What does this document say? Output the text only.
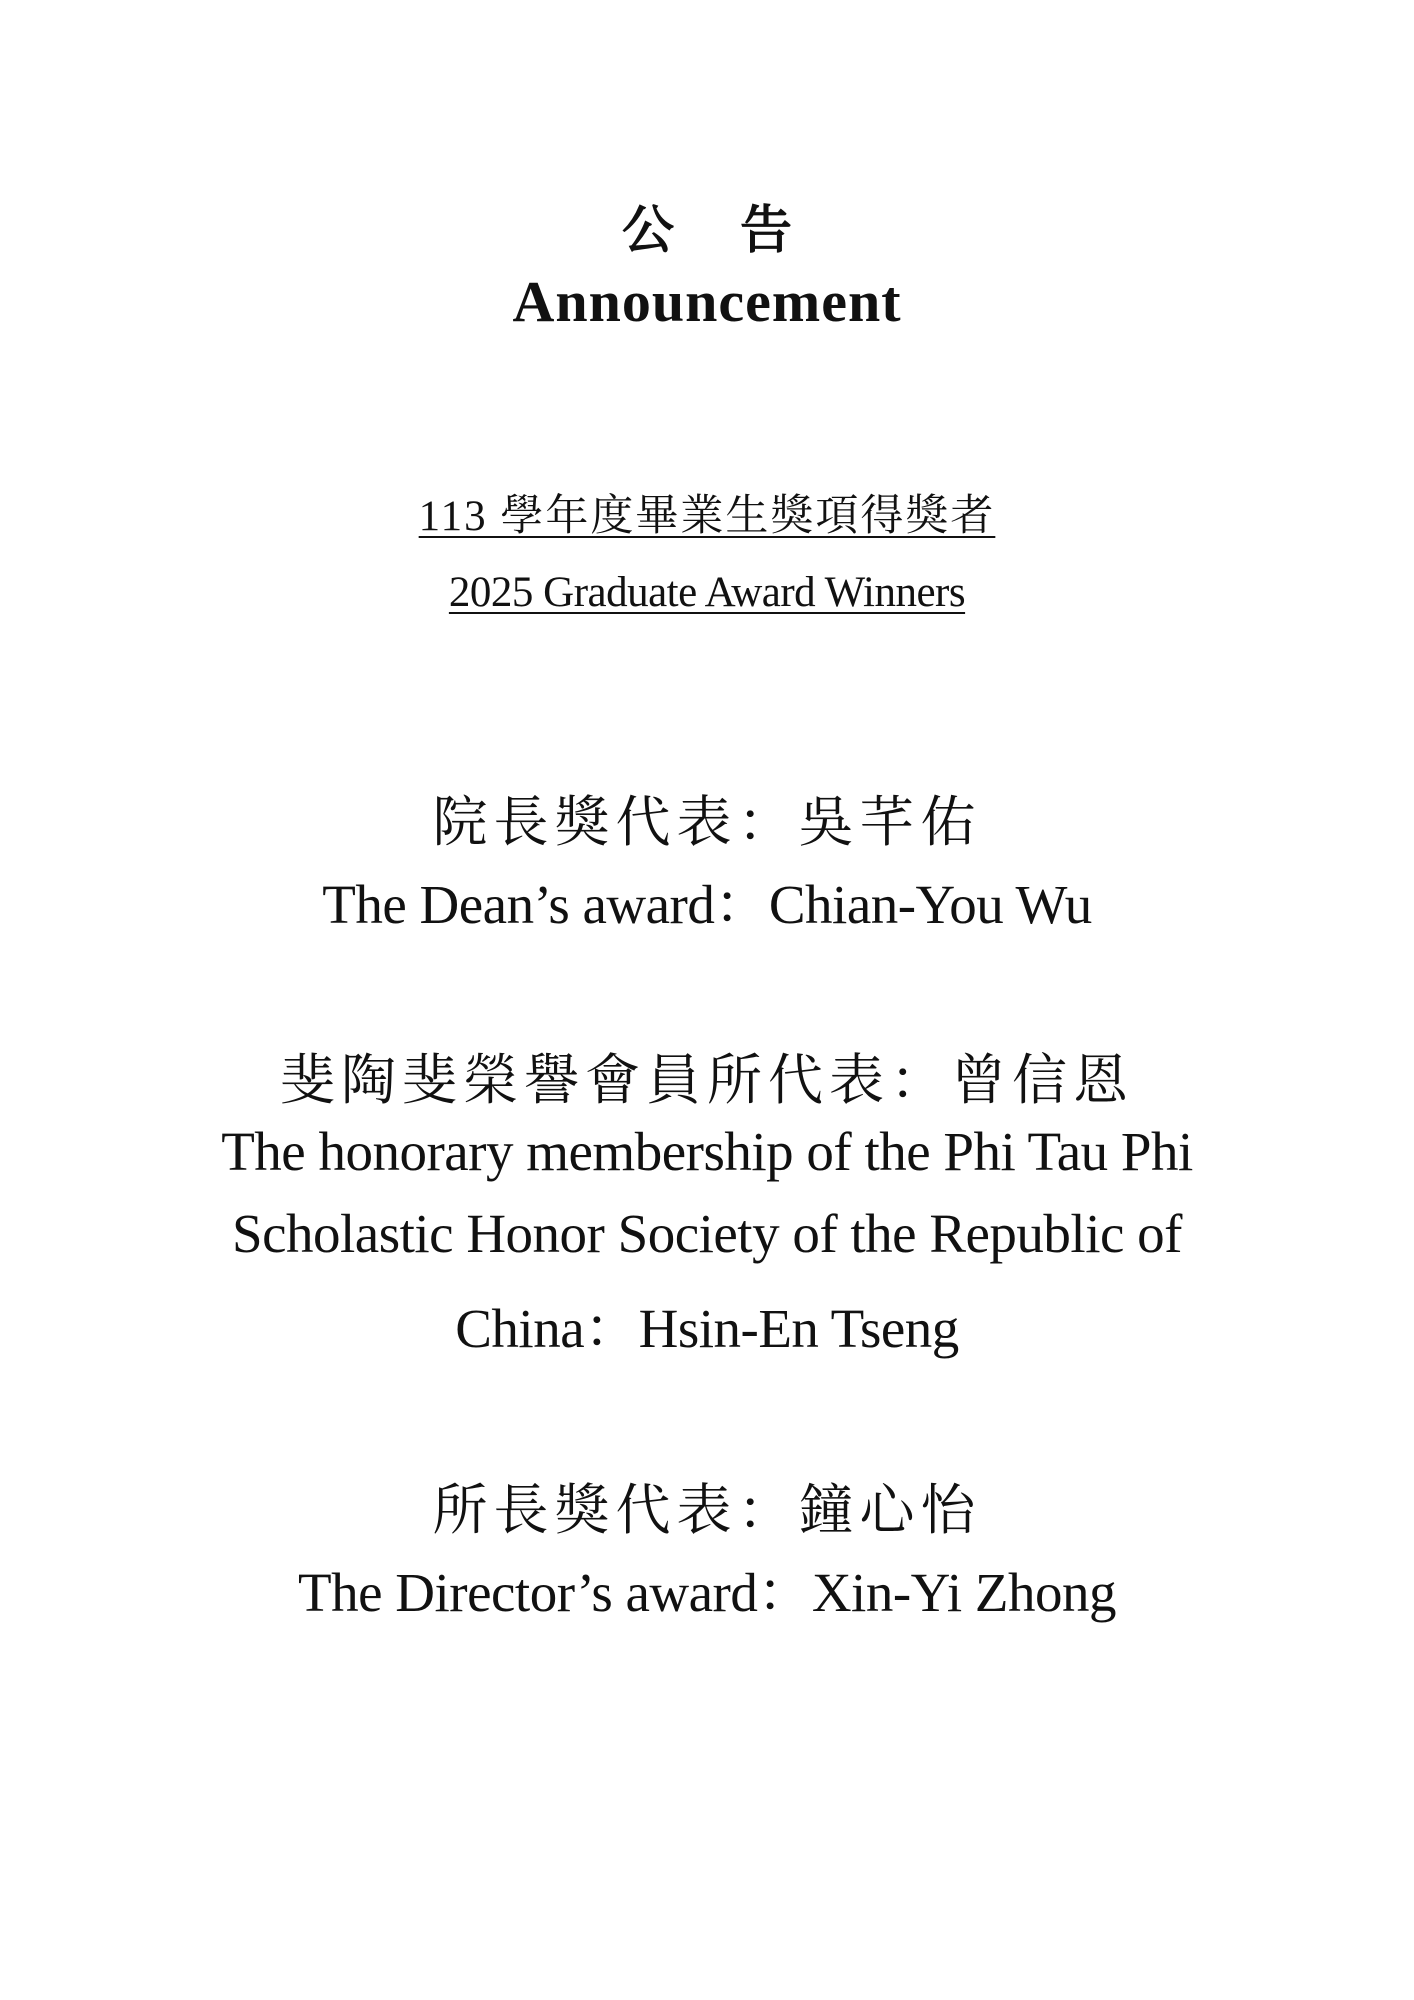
公告
Announcement
113 學年度畢業生獎項得獎者
2025 Graduate Award Winners
院長獎代表：吳芊佑
The Dean’s award：Chian-You Wu
斐陶斐榮譽會員所代表：曾信恩
The honorary membership of the Phi Tau Phi
Scholastic Honor Society of the Republic of
China：Hsin-En Tseng
所長獎代表：鐘心怡
The Director’s award：Xin-Yi Zhong
